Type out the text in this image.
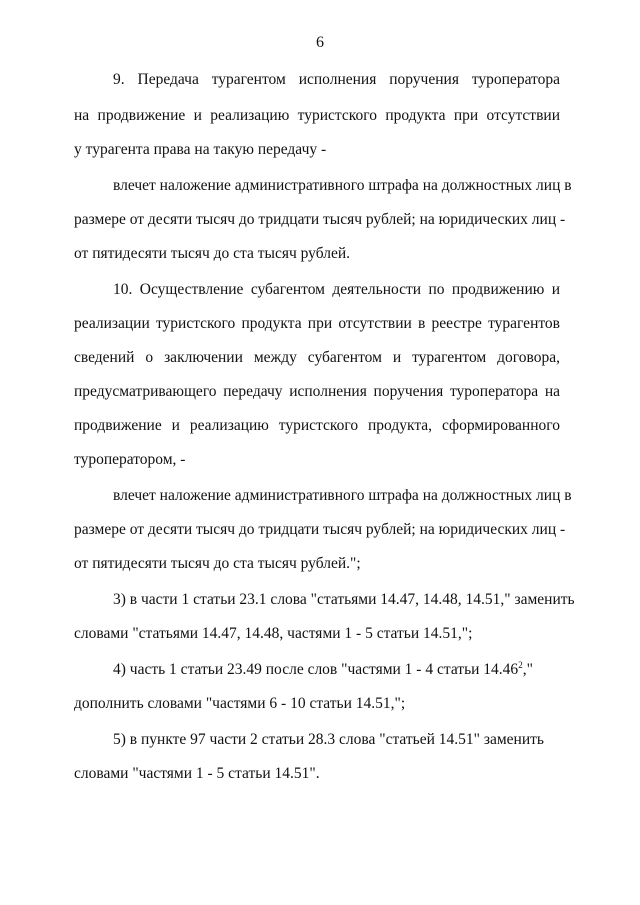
6
9. Передача турагентом исполнения поручения туроператора
на продвижение и реализацию туристского продукта при отсутствии
у турагента права на такую передачу -
влечет наложение административного штрафа на должностных лиц в
размере от десяти тысяч до тридцати тысяч рублей; на юридических лиц -
от пятидесяти тысяч до ста тысяч рублей.
10. Осуществление субагентом деятельности по продвижению и
реализации туристского продукта при отсутствии в реестре турагентов
сведений о заключении между субагентом и турагентом договора,
предусматривающего передачу исполнения поручения туроператора на
продвижение и реализацию туристского продукта, сформированного
туроператором, -
влечет наложение административного штрафа на должностных лиц в
размере от десяти тысяч до тридцати тысяч рублей; на юридических лиц -
от пятидесяти тысяч до ста тысяч рублей.";
3) в части 1 статьи 23.1 слова "статьями 14.47, 14.48, 14.51," заменить
словами "статьями 14.47, 14.48, частями 1 - 5 статьи 14.51,";
4) часть 1 статьи 23.49 после слов "частями 1 - 4 статьи 14.46$^2$,"
дополнить словами "частями 6 - 10 статьи 14.51,";
5) в пункте 97 части 2 статьи 28.3 слова "статьей 14.51" заменить
словами "частями 1 - 5 статьи 14.51".
